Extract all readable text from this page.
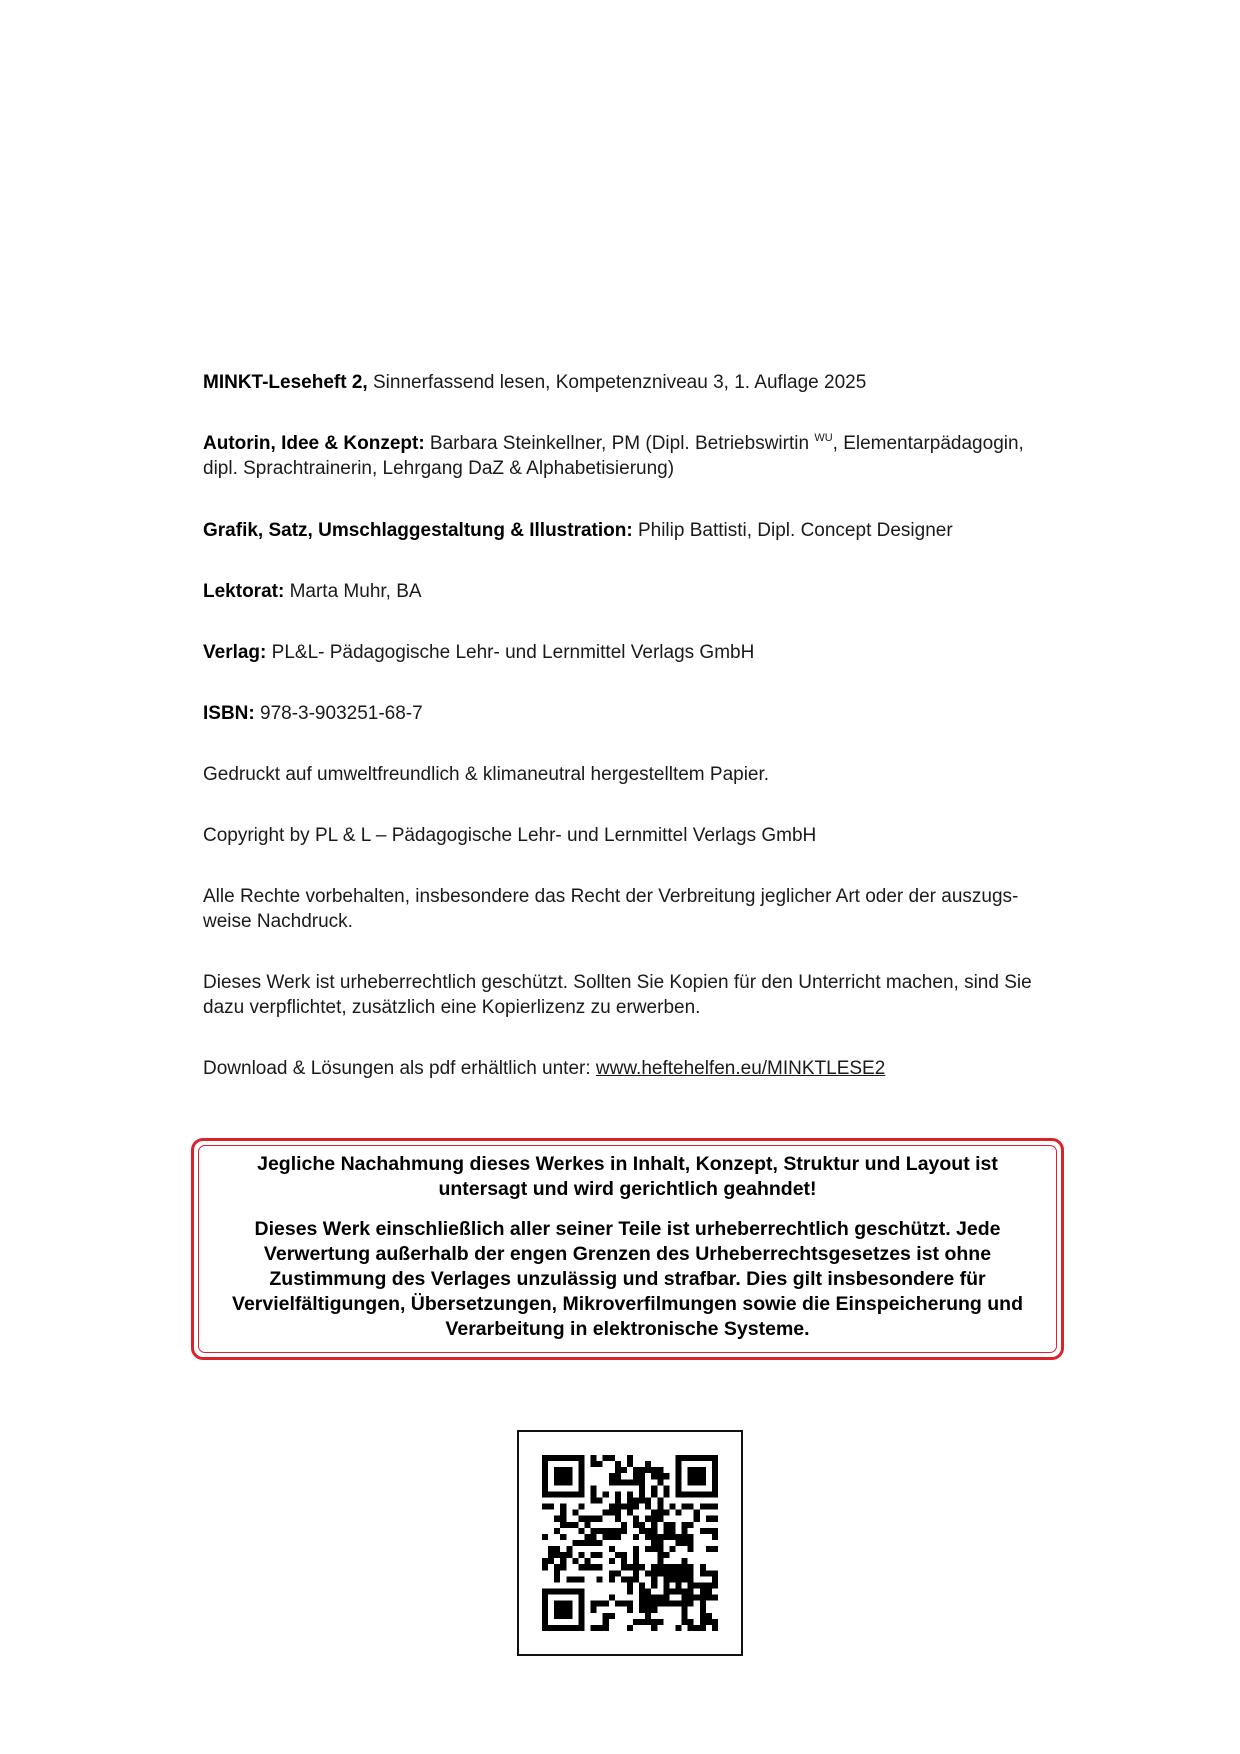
MINKT-Leseheft 2, Sinnerfassend lesen, Kompetenzniveau 3, 1. Auflage 2025

Autorin, Idee & Konzept: Barbara Steinkellner, PM (Dipl. Betriebswirtin $^{WU}$, Elementarpädagogin, dipl. Sprachtrainerin, Lehrgang DaZ & Alphabetisierung)

Grafik, Satz, Umschlaggestaltung & Illustration: Philip Battisti, Dipl. Concept Designer

Lektorat: Marta Muhr, BA

Verlag: PL&L- Pädagogische Lehr- und Lernmittel Verlags GmbH

ISBN: 978-3-903251-68-7

Gedruckt auf umweltfreundlich & klimaneutral hergestelltem Papier.

Copyright by PL & L – Pädagogische Lehr- und Lernmittel Verlags GmbH

Alle Rechte vorbehalten, insbesondere das Recht der Verbreitung jeglicher Art oder der auszugs-weise Nachdruck.

Dieses Werk ist urheberrechtlich geschützt. Sollten Sie Kopien für den Unterricht machen, sind Sie dazu verpflichtet, zusätzlich eine Kopierlizenz zu erwerben.

Download & Lösungen als pdf erhältlich unter: www.heftehelfen.eu/MINKTLESE2

Jegliche Nachahmung dieses Werkes in Inhalt, Konzept, Struktur und Layout ist untersagt und wird gerichtlich geahndet!

Dieses Werk einschließlich aller seiner Teile ist urheberrechtlich geschützt. Jede Verwertung außerhalb der engen Grenzen des Urheberrechtsgesetzes ist ohne Zustimmung des Verlages unzulässig und strafbar. Dies gilt insbesondere für Vervielfältigungen, Übersetzungen, Mikroverfilmungen sowie die Einspeicherung und Verarbeitung in elektronische Systeme.
